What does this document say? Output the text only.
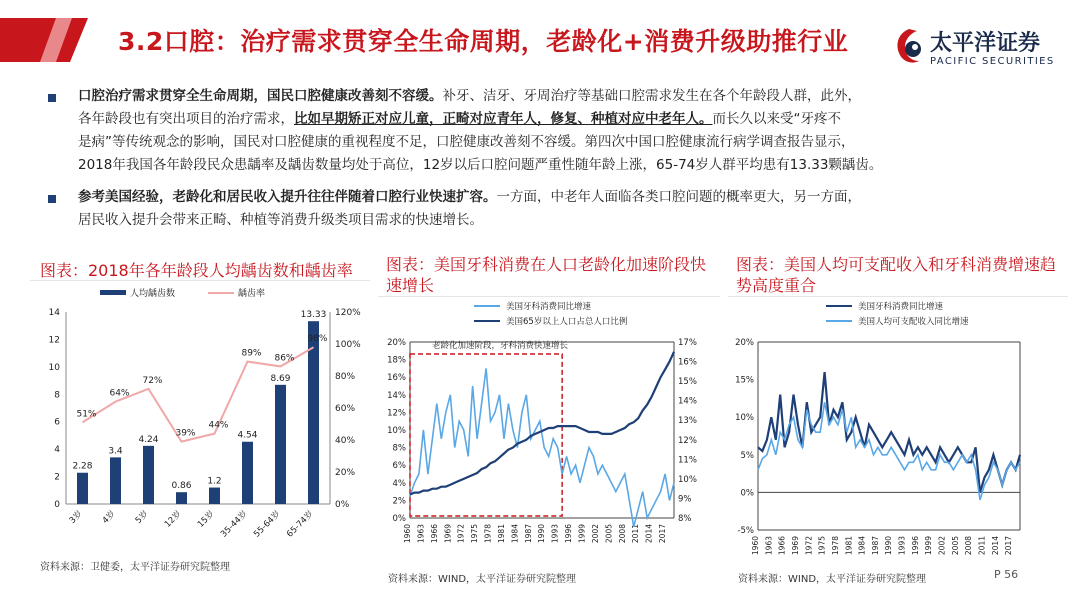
3.2口腔：治疗需求贯穿全生命周期，老龄化+消费升级助推行业	太平洋证券
PACIFIC SECURITIES
口腔治疗需求贯穿全生命周期，国民口腔健康改善刻不容缓。补牙、洁牙、牙周治疗等基础口腔需求发生在各个年龄段人群，此外，
各年龄段也有突出项目的治疗需求，比如早期矫正对应儿童，正畸对应青年人，修复、种植对应中老年人。而长久以来受“牙疼不
是病”等传统观念的影响，国民对口腔健康的重视程度不足，口腔健康改善刻不容缓。第四次中国口腔健康流行病学调查报告显示，
2018年我国各年龄段民众患龋率及龋齿数量均处于高位，12岁以后口腔问题严重性随年龄上涨，65-74岁人群平均患有13.33颗龋齿。
参考美国经验，老龄化和居民收入提升往往伴随着口腔行业快速扩容。一方面，中老年人面临各类口腔问题的概率更大，另一方面，
居民收入提升会带来正畸、种植等消费升级类项目需求的快速增长。
图表：2018年各年龄段人均龋齿数和龋齿率	图表：美国牙科消费在人口老龄化加速阶段快速增长
图表：美国人均可支配收入和牙科消费增速趋势高度重合
人均龋齿数	龋齿率
0
2
4
6
8
10
12
14
0%
20%
40%
60%
80%
100%
120%
2.28
3岁
3.4
4岁
4.24
5岁
0.86
12岁
1.2
15岁
4.54
35-44岁
8.69
55-64岁
13.33
65-74岁
51%
64%
72%
39%
44%
89% 86%
98%
美国牙科消费同比增速
美国65岁以上人口占总人口比例
0%
2%
4%
6%
8%
10%
12%
14%
16%
18%
20%
8%
9%
10%
11%
12%
13%
14%
15%
16%
17%
1960 1963 1966 1969 1972 1975 1978 1981 1984 1987 1990 1993 1996 1999 2002 2005 2008 2011 2014 2017
老龄化加速阶段，牙科消费快速增长
美国牙科消费同比增速
美国人均可支配收入同比增速
-5%
0%
5%
10%
15%
20%
1960 1963 1966 1969 1972 1975 1978 1981 1984 1987 1990 1993 1996 1999 2002 2005 2008 2011 2014 2017
资料来源：卫健委，太平洋证券研究院整理
资料来源：WIND，太平洋证券研究院整理	资料来源：WIND，太平洋证券研究院整理	P 56
